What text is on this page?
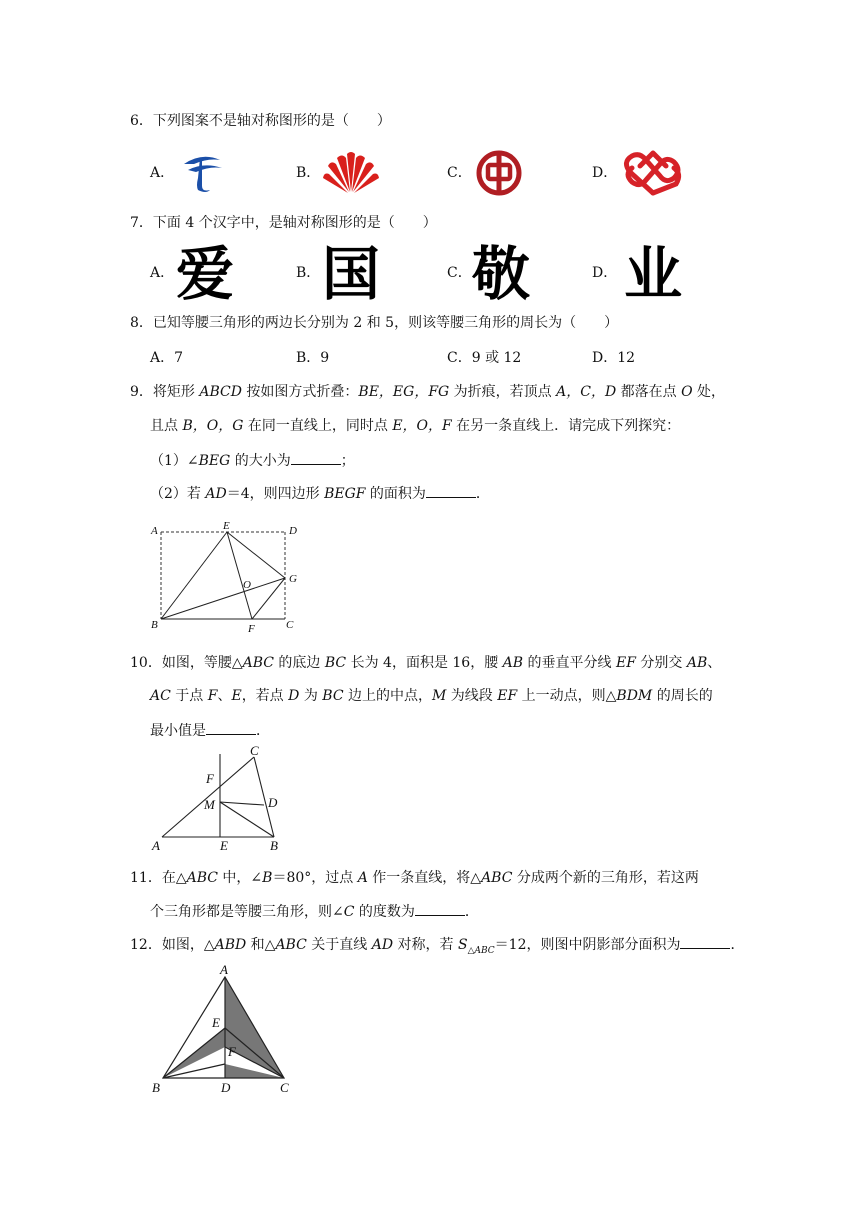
6．下列图案不是轴对称图形的是（　　）
A．	B．	C．	D．
7．下面 4 个汉字中，是轴对称图形的是（　　）
A．	B．	C．	D．
爱 国 敬 业
8．已知等腰三角形的两边长分别为 2 和 5，则该等腰三角形的周长为（　　）
A．7	B．9	C．9 或 12	D．12
9．将矩形 ABCD 按如图方式折叠：BE，EG，FG 为折痕，若顶点 A，C，D 都落在点 O 处，
且点 B，O，G 在同一直线上，同时点 E，O，F 在另一条直线上．请完成下列探究：
（1）∠BEG 的大小为	；
（2）若 AD＝4，则四边形 BEGF 的面积为	．
A	E	D
O	G
B	F	C
10．如图，等腰△ABC 的底边 BC 长为 4，面积是 16，腰 AB 的垂直平分线 EF 分别交 AB、
AC 于点 F、E，若点 D 为 BC 边上的中点，M 为线段 EF 上一动点，则△BDM 的周长的
最小值是	．
C
F
M	D
A	E	B
11．在△ABC 中，∠B＝80°，过点 A 作一条直线，将△ABC 分成两个新的三角形，若这两
个三角形都是等腰三角形，则∠C 的度数为	．
12．如图，△ABD 和△ABC 关于直线 AD 对称，若 $S_{\triangle ABC}=12$，则图中阴影部分面积为	．
A
E
F
B	D	C
